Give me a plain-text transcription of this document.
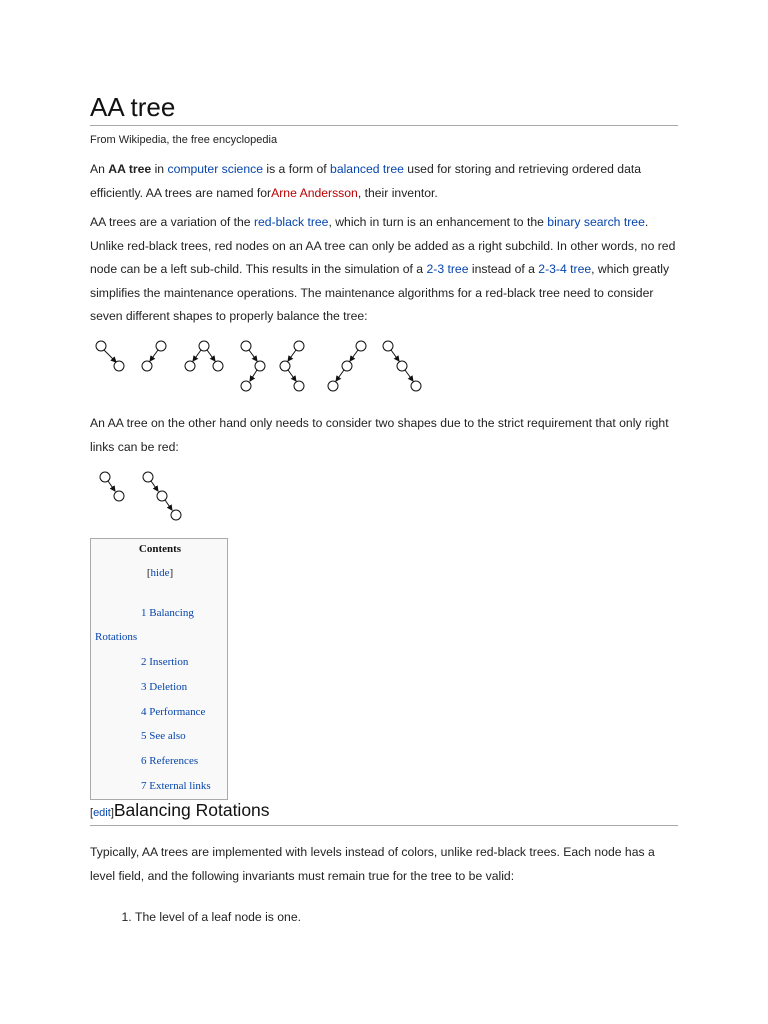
AA tree
From Wikipedia, the free encyclopedia

An AA tree in computer science is a form of balanced tree used for storing and retrieving ordered data efficiently. AA trees are named forArne Andersson, their inventor.

AA trees are a variation of the red-black tree, which in turn is an enhancement to the binary search tree. Unlike red-black trees, red nodes on an AA tree can only be added as a right subchild. In other words, no red node can be a left sub-child. This results in the simulation of a 2-3 tree instead of a 2-3-4 tree, which greatly simplifies the maintenance operations. The maintenance algorithms for a red-black tree need to consider seven different shapes to properly balance the tree:

An AA tree on the other hand only needs to consider two shapes due to the strict requirement that only right links can be red:

Contents
[hide]
1 Balancing
Rotations
2 Insertion
3 Deletion
4 Performance
5 See also
6 References
7 External links
[edit]Balancing Rotations

Typically, AA trees are implemented with levels instead of colors, unlike red-black trees. Each node has a level field, and the following invariants must remain true for the tree to be valid:

1. The level of a leaf node is one.
